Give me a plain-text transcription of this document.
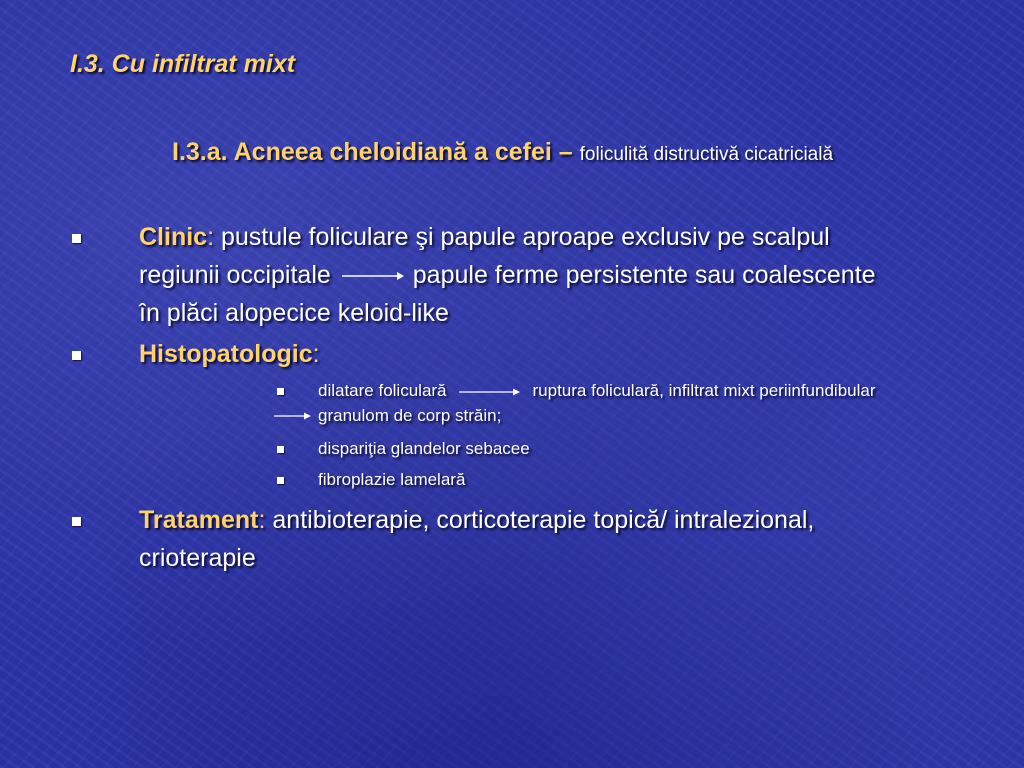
I.3. Cu infiltrat mixt
I.3.a. Acneea cheloidiană a cefei – foliculită distructivă cicatricială
Clinic: pustule foliculare şi papule aproape exclusiv pe scalpul
regiunii occipitale	papule ferme persistente sau coalescente
în plăci alopecice keloid-like
Histopatologic:
dilatare foliculară	ruptura foliculară, infiltrat mixt periinfundibular
granulom de corp străin;
dispariţia glandelor sebacee
fibroplazie lamelară
Tratament: antibioterapie, corticoterapie topică/ intralezional,
crioterapie
